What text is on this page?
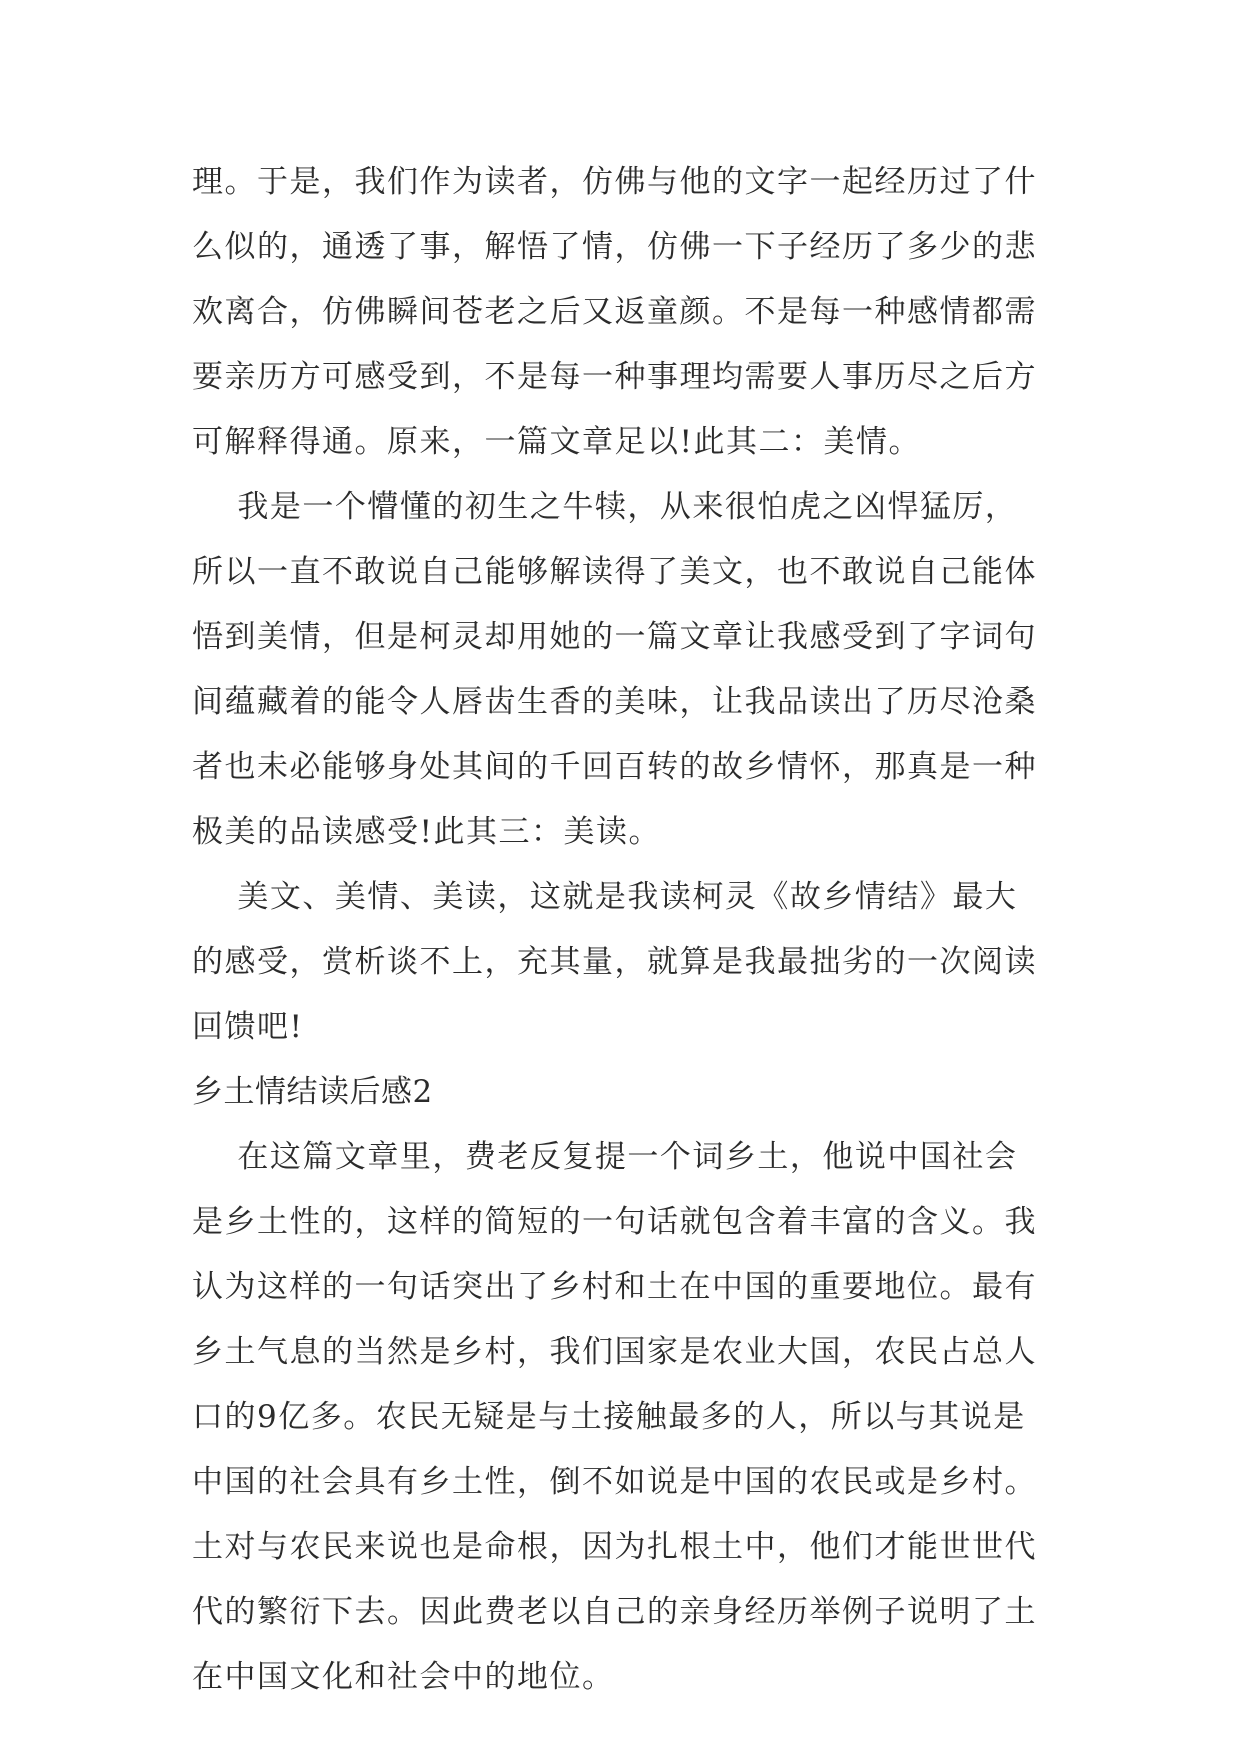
理。于是，我们作为读者，仿佛与他的文字一起经历过了什
么似的，通透了事，解悟了情，仿佛一下子经历了多少的悲
欢离合，仿佛瞬间苍老之后又返童颜。不是每一种感情都需
要亲历方可感受到，不是每一种事理均需要人事历尽之后方
可解释得通。原来，一篇文章足以!此其二：美情。
我是一个懵懂的初生之牛犊，从来很怕虎之凶悍猛厉，
所以一直不敢说自己能够解读得了美文，也不敢说自己能体
悟到美情，但是柯灵却用她的一篇文章让我感受到了字词句
间蕴藏着的能令人唇齿生香的美味，让我品读出了历尽沧桑
者也未必能够身处其间的千回百转的故乡情怀，那真是一种
极美的品读感受!此其三：美读。
美文、美情、美读，这就是我读柯灵《故乡情结》最大
的感受，赏析谈不上，充其量，就算是我最拙劣的一次阅读
回馈吧!
乡土情结读后感2
在这篇文章里，费老反复提一个词乡土，他说中国社会
是乡土性的，这样的简短的一句话就包含着丰富的含义。我
认为这样的一句话突出了乡村和土在中国的重要地位。最有
乡土气息的当然是乡村，我们国家是农业大国，农民占总人
口的9亿多。农民无疑是与土接触最多的人，所以与其说是
中国的社会具有乡土性，倒不如说是中国的农民或是乡村。
土对与农民来说也是命根，因为扎根土中，他们才能世世代
代的繁衍下去。因此费老以自己的亲身经历举例子说明了土
在中国文化和社会中的地位。
